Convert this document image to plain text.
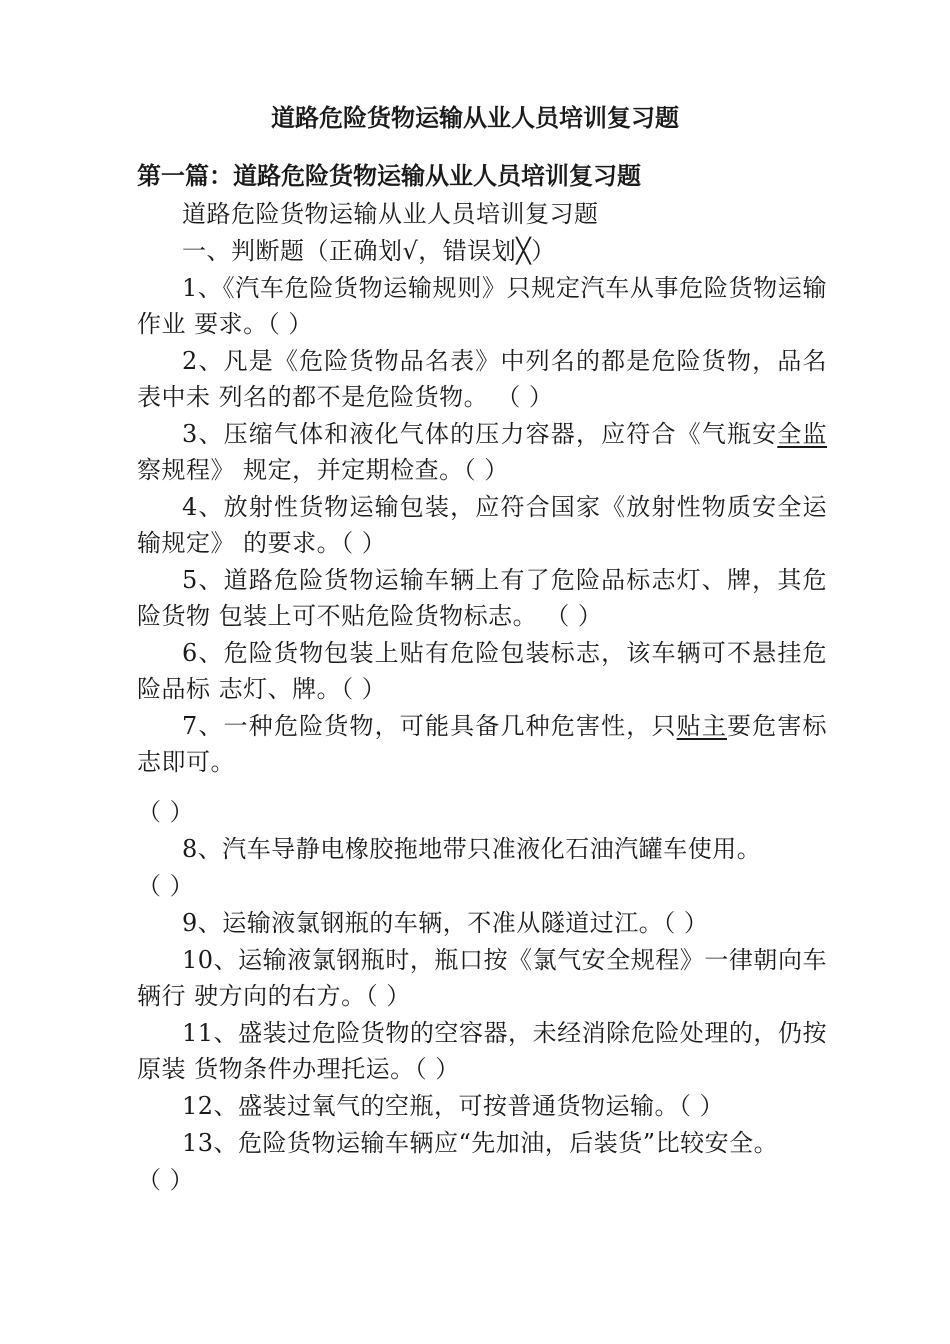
道路危险货物运输从业人员培训复习题
第一篇：道路危险货物运输从业人员培训复习题

道路危险货物运输从业人员培训复习题

一、判断题（正确划√，错误划╳）

1、《汽车危险货物运输规则》只规定汽车从事危险货物运输作业 要求。（ ）

2、凡是《危险货物品名表》中列名的都是危险货物，品名表中未 列名的都不是危险货物。 （ ）

3、压缩气体和液化气体的压力容器，应符合《气瓶安全监察规程》 规定，并定期检查。（ ）

4、放射性货物运输包装，应符合国家《放射性物质安全运输规定》 的要求。（ ）

5、道路危险货物运输车辆上有了危险品标志灯、牌，其危险货物 包装上可不贴危险货物标志。 （ ）

6、危险货物包装上贴有危险包装标志，该车辆可不悬挂危险品标 志灯、牌。（ ）

7、一种危险货物，可能具备几种危害性，只贴主要危害标志即可。

（ ）

8、汽车导静电橡胶拖地带只准液化石油汽罐车使用。

（ ）

9、运输液氯钢瓶的车辆，不准从隧道过江。（ ）

10、运输液氯钢瓶时，瓶口按《氯气安全规程》一律朝向车辆行 驶方向的右方。（ ）

11、盛装过危险货物的空容器，未经消除危险处理的，仍按原装 货物条件办理托运。（ ）

12、盛装过氧气的空瓶，可按普通货物运输。（ ）

13、危险货物运输车辆应“先加油，后装货”比较安全。

（ ）
